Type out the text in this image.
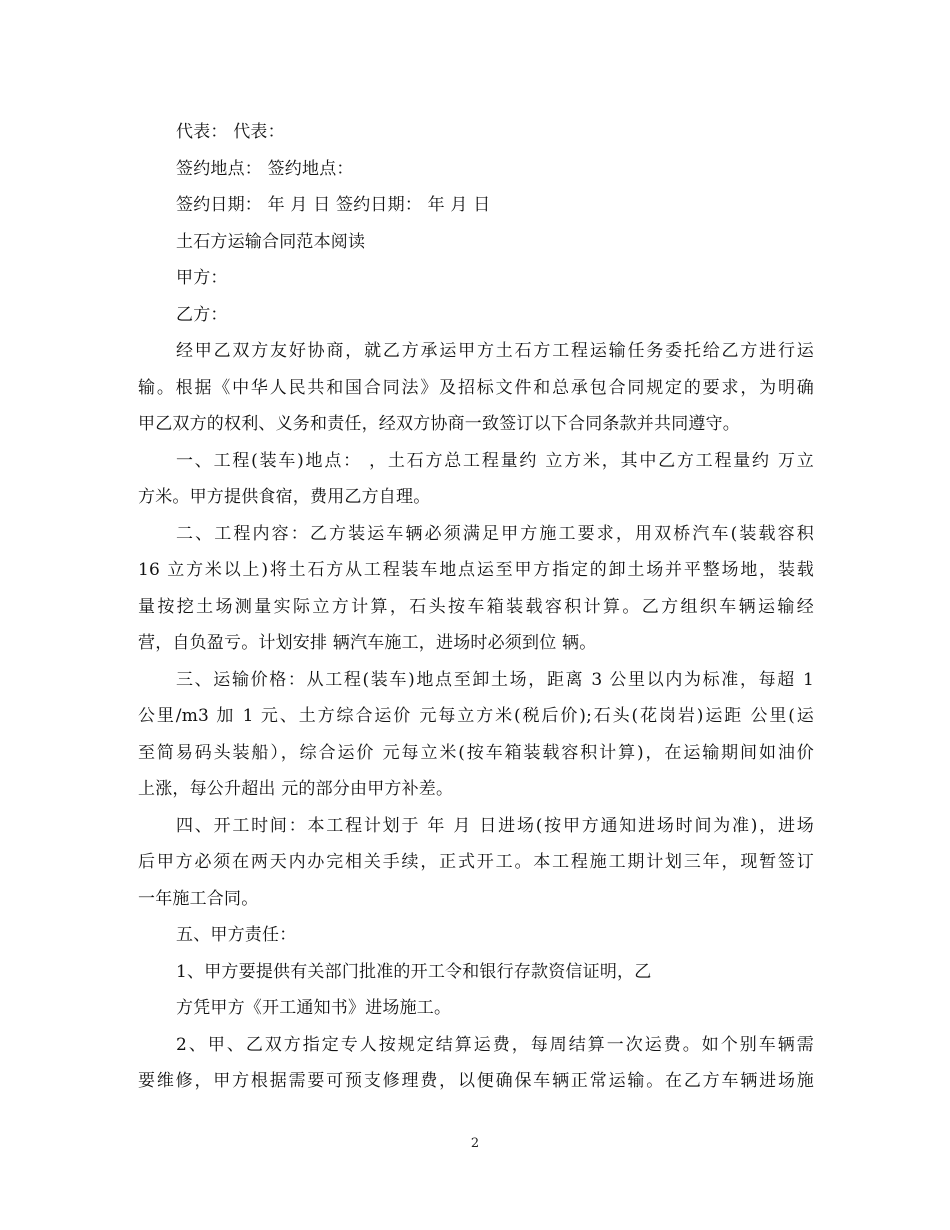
代表： 代表：
签约地点： 签约地点：
签约日期： 年 月 日 签约日期： 年 月 日
土石方运输合同范本阅读
甲方：
乙方：
经甲乙双方友好协商，就乙方承运甲方土石方工程运输任务委托给乙方进行运
输。根据《中华人民共和国合同法》及招标文件和总承包合同规定的要求，为明确
甲乙双方的权利、义务和责任，经双方协商一致签订以下合同条款并共同遵守。
一、工程(装车)地点： ，土石方总工程量约 立方米，其中乙方工程量约 万立
方米。甲方提供食宿，费用乙方自理。
二、工程内容：乙方装运车辆必须满足甲方施工要求，用双桥汽车(装载容积
16 立方米以上)将土石方从工程装车地点运至甲方指定的卸土场并平整场地，装载
量按挖土场测量实际立方计算，石头按车箱装载容积计算。乙方组织车辆运输经
营，自负盈亏。计划安排 辆汽车施工，进场时必须到位 辆。
三、运输价格：从工程(装车)地点至卸土场，距离 3 公里以内为标准，每超 1
公里/m3 加 1 元、土方综合运价 元每立方米(税后价);石头(花岗岩)运距 公里(运
至简易码头装船），综合运价 元每立米(按车箱装载容积计算)，在运输期间如油价
上涨，每公升超出 元的部分由甲方补差。
四、开工时间：本工程计划于 年 月 日进场(按甲方通知进场时间为准)，进场
后甲方必须在两天内办完相关手续，正式开工。本工程施工期计划三年，现暂签订
一年施工合同。
五、甲方责任：
1、甲方要提供有关部门批准的开工令和银行存款资信证明，乙
方凭甲方《开工通知书》进场施工。
2、甲、乙双方指定专人按规定结算运费，每周结算一次运费。如个别车辆需
要维修，甲方根据需要可预支修理费，以便确保车辆正常运输。在乙方车辆进场施
2
